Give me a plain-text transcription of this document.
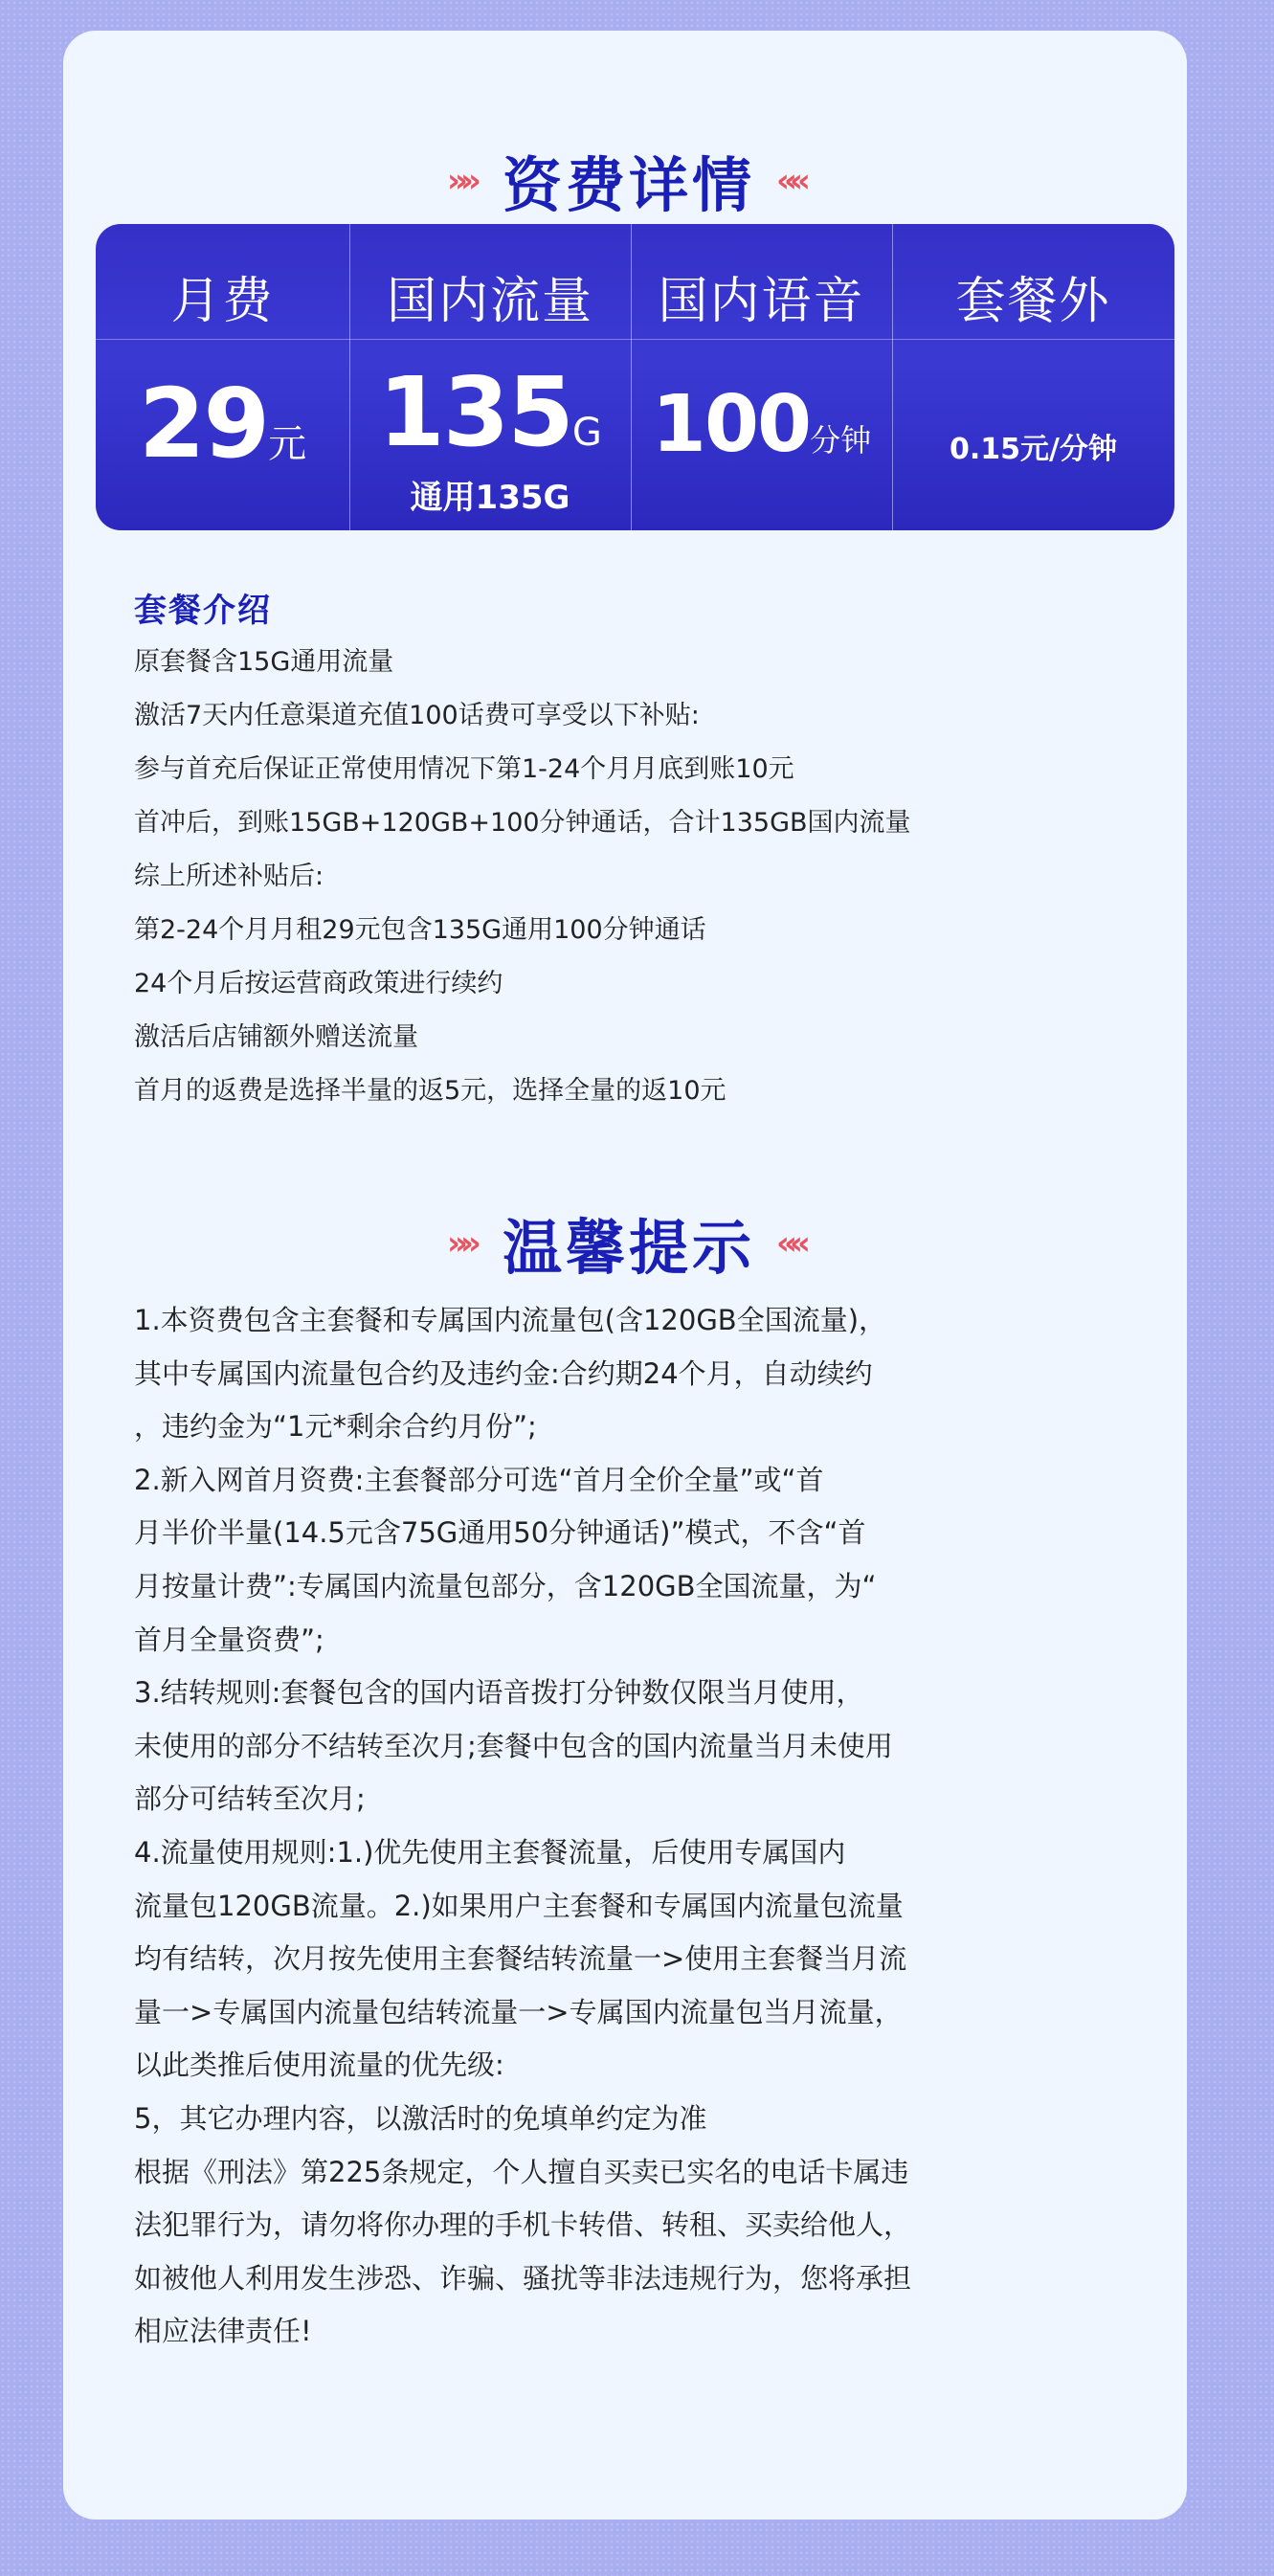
»» 资费详情 ««
月费
29元
国内流量
135G
通用135G
国内语音
100分钟
套餐外
0.15元/分钟
套餐介绍
原套餐含15G通用流量
激活7天内任意渠道充值100话费可享受以下补贴:
参与首充后保证正常使用情况下第1-24个月月底到账10元
首冲后，到账15GB+120GB+100分钟通话，合计135GB国内流量
综上所述补贴后:
第2-24个月月租29元包含135G通用100分钟通话
24个月后按运营商政策进行续约
激活后店铺额外赠送流量
首月的返费是选择半量的返5元，选择全量的返10元
»» 温馨提示 ««
1.本资费包含主套餐和专属国内流量包(含120GB全国流量)，
其中专属国内流量包合约及违约金:合约期24个月，自动续约
，违约金为“1元*剩余合约月份”;
2.新入网首月资费:主套餐部分可选“首月全价全量”或“首
月半价半量(14.5元含75G通用50分钟通话)”模式，不含“首
月按量计费”:专属国内流量包部分，含120GB全国流量，为“
首月全量资费”;
3.结转规则:套餐包含的国内语音拨打分钟数仅限当月使用，
未使用的部分不结转至次月;套餐中包含的国内流量当月未使用
部分可结转至次月;
4.流量使用规则:1.)优先使用主套餐流量，后使用专属国内
流量包120GB流量。2.)如果用户主套餐和专属国内流量包流量
均有结转，次月按先使用主套餐结转流量一>使用主套餐当月流
量一>专属国内流量包结转流量一>专属国内流量包当月流量，
以此类推后使用流量的优先级:
5，其它办理内容，以激活时的免填单约定为准
根据《刑法》第225条规定，个人擅自买卖已实名的电话卡属违
法犯罪行为，请勿将你办理的手机卡转借、转租、买卖给他人，
如被他人利用发生涉恐、诈骗、骚扰等非法违规行为，您将承担
相应法律责任!
